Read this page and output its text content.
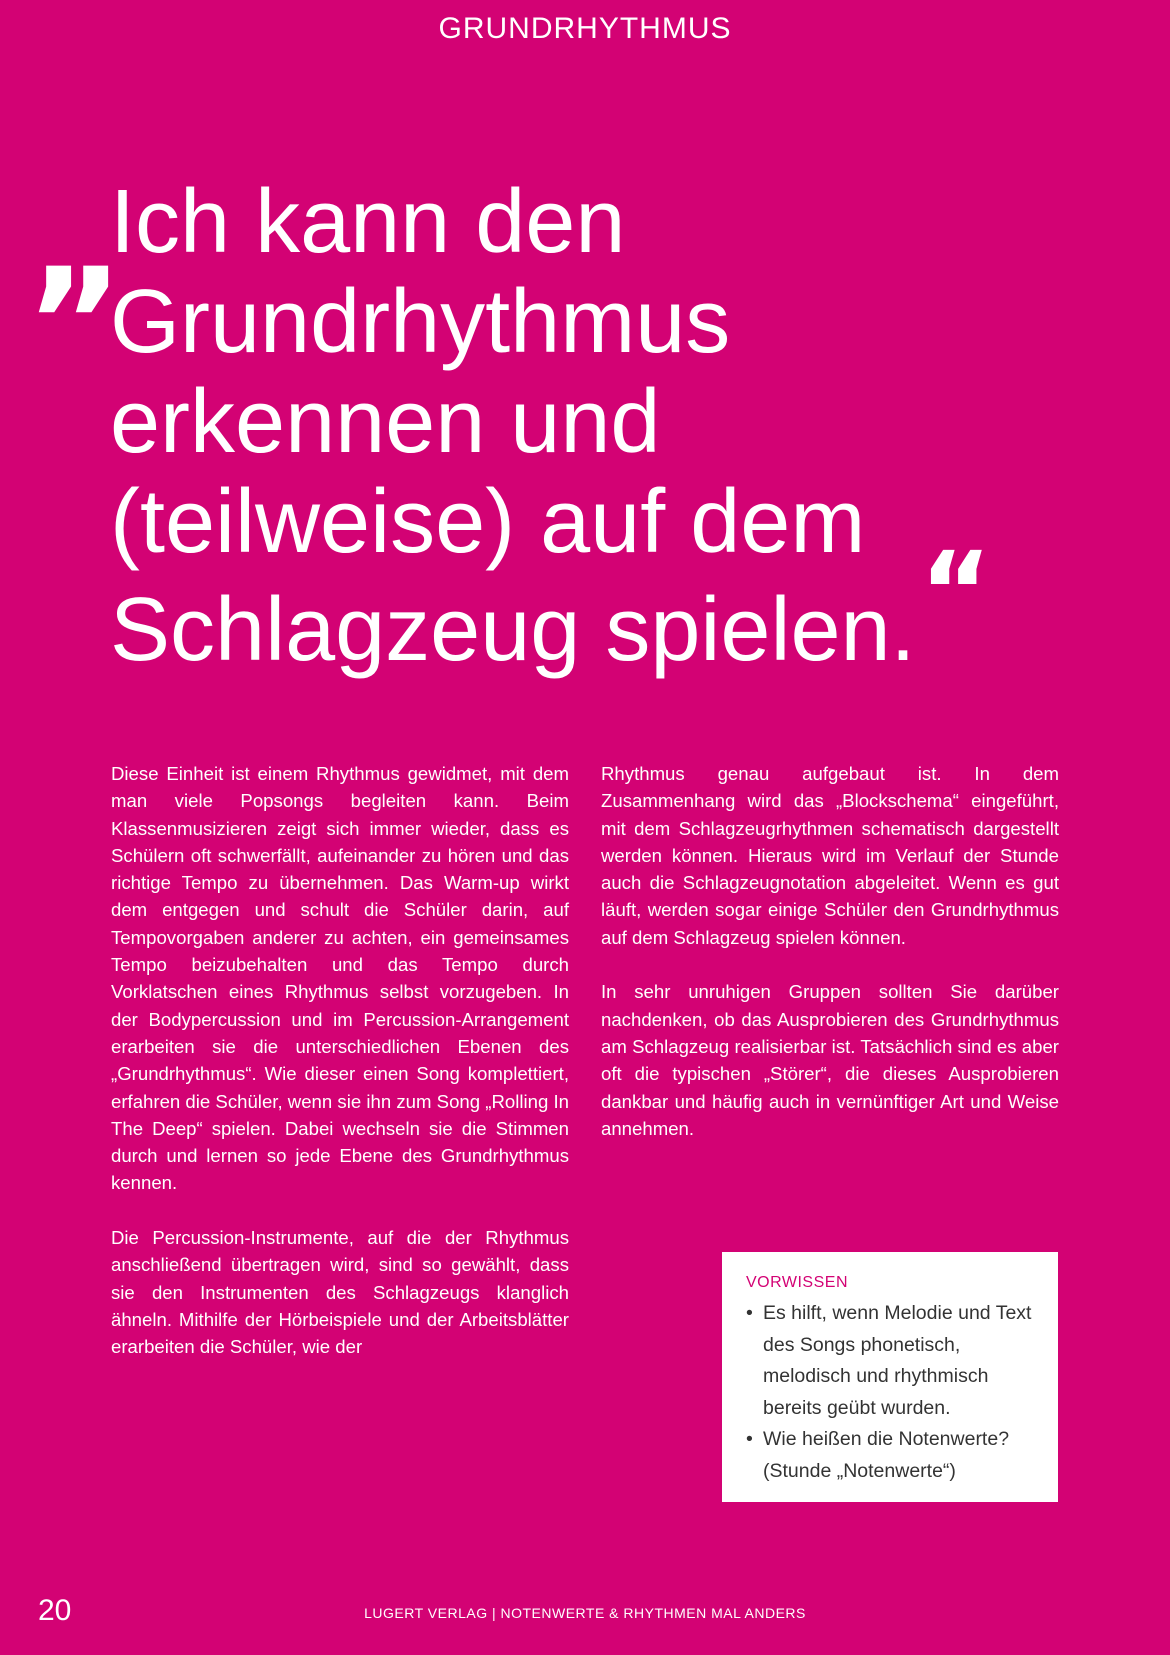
GRUNDRHYTHMUS
„
Ich kann den
Grundrhythmus
erkennen und
(teilweise) auf dem
Schlagzeug spielen.“

Diese Einheit ist einem Rhythmus gewidmet, mit dem man viele Popsongs begleiten kann. Beim Klassenmusizieren zeigt sich immer wieder, dass es Schülern oft schwerfällt, aufeinander zu hören und das richtige Tempo zu übernehmen. Das Warm-up wirkt dem entgegen und schult die Schüler darin, auf Tempovorgaben anderer zu achten, ein gemeinsames Tempo beizubehalten und das Tempo durch Vorklatschen eines Rhythmus selbst vorzugeben. In der Bodypercussion und im Percussion-Arrangement erarbeiten sie die unterschiedlichen Ebenen des „Grundrhythmus“. Wie dieser einen Song komplettiert, erfahren die Schüler, wenn sie ihn zum Song „Rolling In The Deep“ spielen. Dabei wechseln sie die Stimmen durch und lernen so jede Ebene des Grundrhythmus kennen.

Die Percussion-Instrumente, auf die der Rhythmus anschließend übertragen wird, sind so gewählt, dass sie den Instrumenten des Schlagzeugs klanglich ähneln. Mithilfe der Hörbeispiele und der Arbeitsblätter erarbeiten die Schüler, wie der

Rhythmus genau aufgebaut ist. In dem Zusammenhang wird das „Blockschema“ eingeführt, mit dem Schlagzeugrhythmen schematisch dargestellt werden können. Hieraus wird im Verlauf der Stunde auch die Schlagzeugnotation abgeleitet. Wenn es gut läuft, werden sogar einige Schüler den Grundrhythmus auf dem Schlagzeug spielen können.

In sehr unruhigen Gruppen sollten Sie darüber nachdenken, ob das Ausprobieren des Grundrhythmus am Schlagzeug realisierbar ist. Tatsächlich sind es aber oft die typischen „Störer“, die dieses Ausprobieren dankbar und häufig auch in vernünftiger Art und Weise annehmen.

VORWISSEN
• Es hilft, wenn Melodie und Text des Songs phonetisch, melodisch und rhythmisch bereits geübt wurden.
• Wie heißen die Notenwerte? (Stunde „Notenwerte“)
20	LUGERT VERLAG | NOTENWERTE & RHYTHMEN MAL ANDERS
